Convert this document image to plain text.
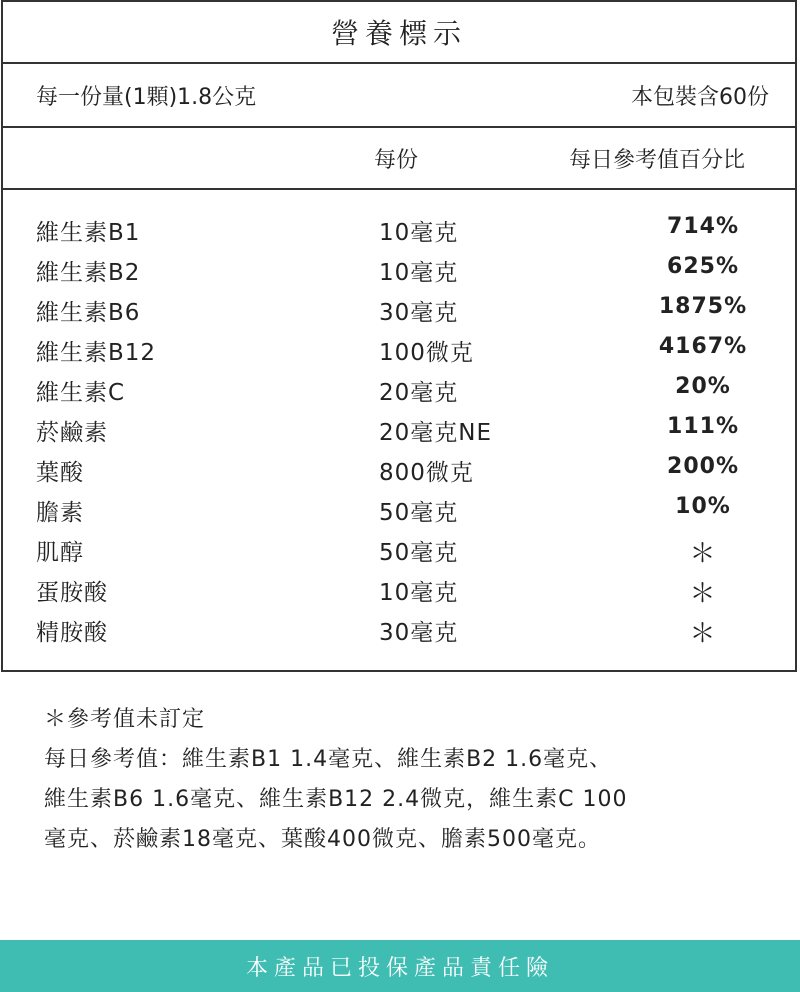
營養標示
每一份量(1顆)1.8公克	本包裝含60份
每份	每日參考值百分比
維生素B1	10毫克	714%
維生素B2	10毫克	625%
維生素B6	30毫克	1875%
維生素B12	100微克	4167%
維生素C	20毫克	20%
菸鹼素	20毫克NE	111%
葉酸	800微克	200%
膽素	50毫克	10%
肌醇	50毫克	＊
蛋胺酸	10毫克	＊
精胺酸	30毫克	＊
＊參考值未訂定
每日參考值：維生素B1 1.4毫克、維生素B2 1.6毫克、
維生素B6 1.6毫克、維生素B12 2.4微克，維生素C 100
毫克、菸鹼素18毫克、葉酸400微克、膽素500毫克。
本產品已投保產品責任險
